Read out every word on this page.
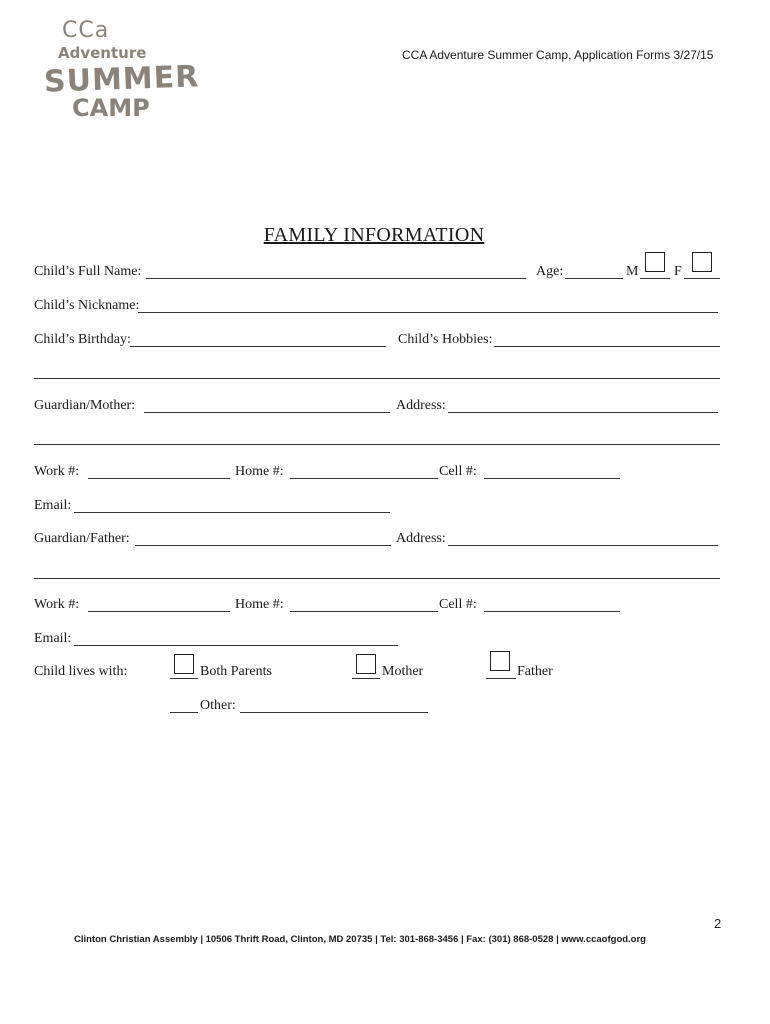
CCa
Adventure
SUMMER
CAMP
CCA Adventure Summer Camp, Application Forms 3/27/15
FAMILY INFORMATION
Child’s Full Name:	Age:	M	F
Child’s Nickname:
Child’s Birthday:	Child’s Hobbies:
Guardian/Mother:	Address:
Work #:	Home #:	Cell #:
Email:
Guardian/Father:	Address:
Work #:	Home #:	Cell #:
Email:
Child lives with:	Both Parents	Mother	Father
Other:
2
Clinton Christian Assembly | 10506 Thrift Road, Clinton, MD 20735 | Tel: 301-868-3456 | Fax: (301) 868-0528 | www.ccaofgod.org
